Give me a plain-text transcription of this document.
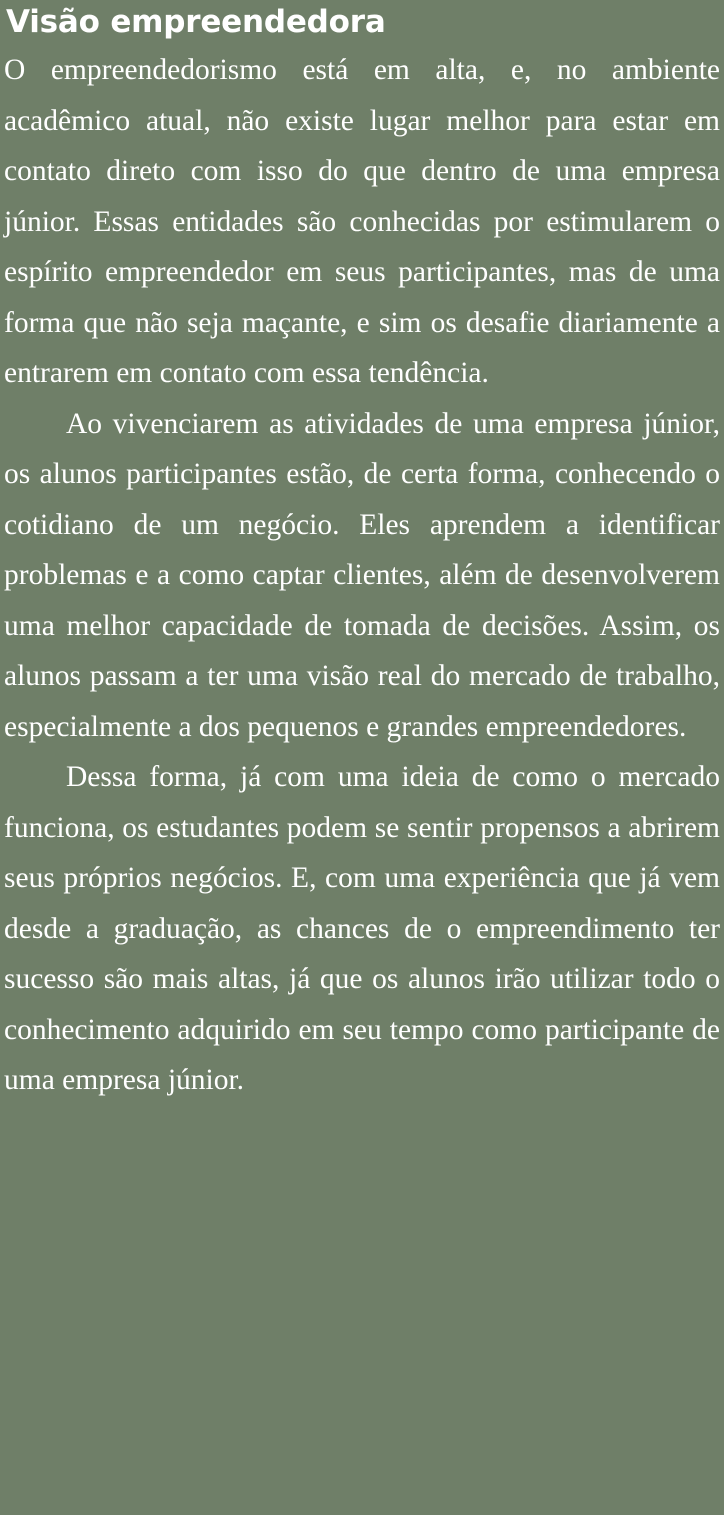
Visão empreendedora

O empreendedorismo está em alta, e, no ambiente acadêmico atual, não existe lugar melhor para estar em contato direto com isso do que dentro de uma empresa júnior. Essas entidades são conhecidas por estimularem o espírito empreendedor em seus participantes, mas de uma forma que não seja maçante, e sim os desafie diariamente a entrarem em contato com essa tendência.

Ao vivenciarem as atividades de uma empresa júnior, os alunos participantes estão, de certa forma, conhecendo o cotidiano de um negócio. Eles aprendem a identificar problemas e a como captar clientes, além de desenvolverem uma melhor capacidade de tomada de decisões. Assim, os alunos passam a ter uma visão real do mercado de trabalho, especialmente a dos pequenos e grandes empreendedores.

Dessa forma, já com uma ideia de como o mercado funciona, os estudantes podem se sentir propensos a abrirem seus próprios negócios. E, com uma experiência que já vem desde a graduação, as chances de o empreendimento ter sucesso são mais altas, já que os alunos irão utilizar todo o conhecimento adquirido em seu tempo como participante de uma empresa júnior.
